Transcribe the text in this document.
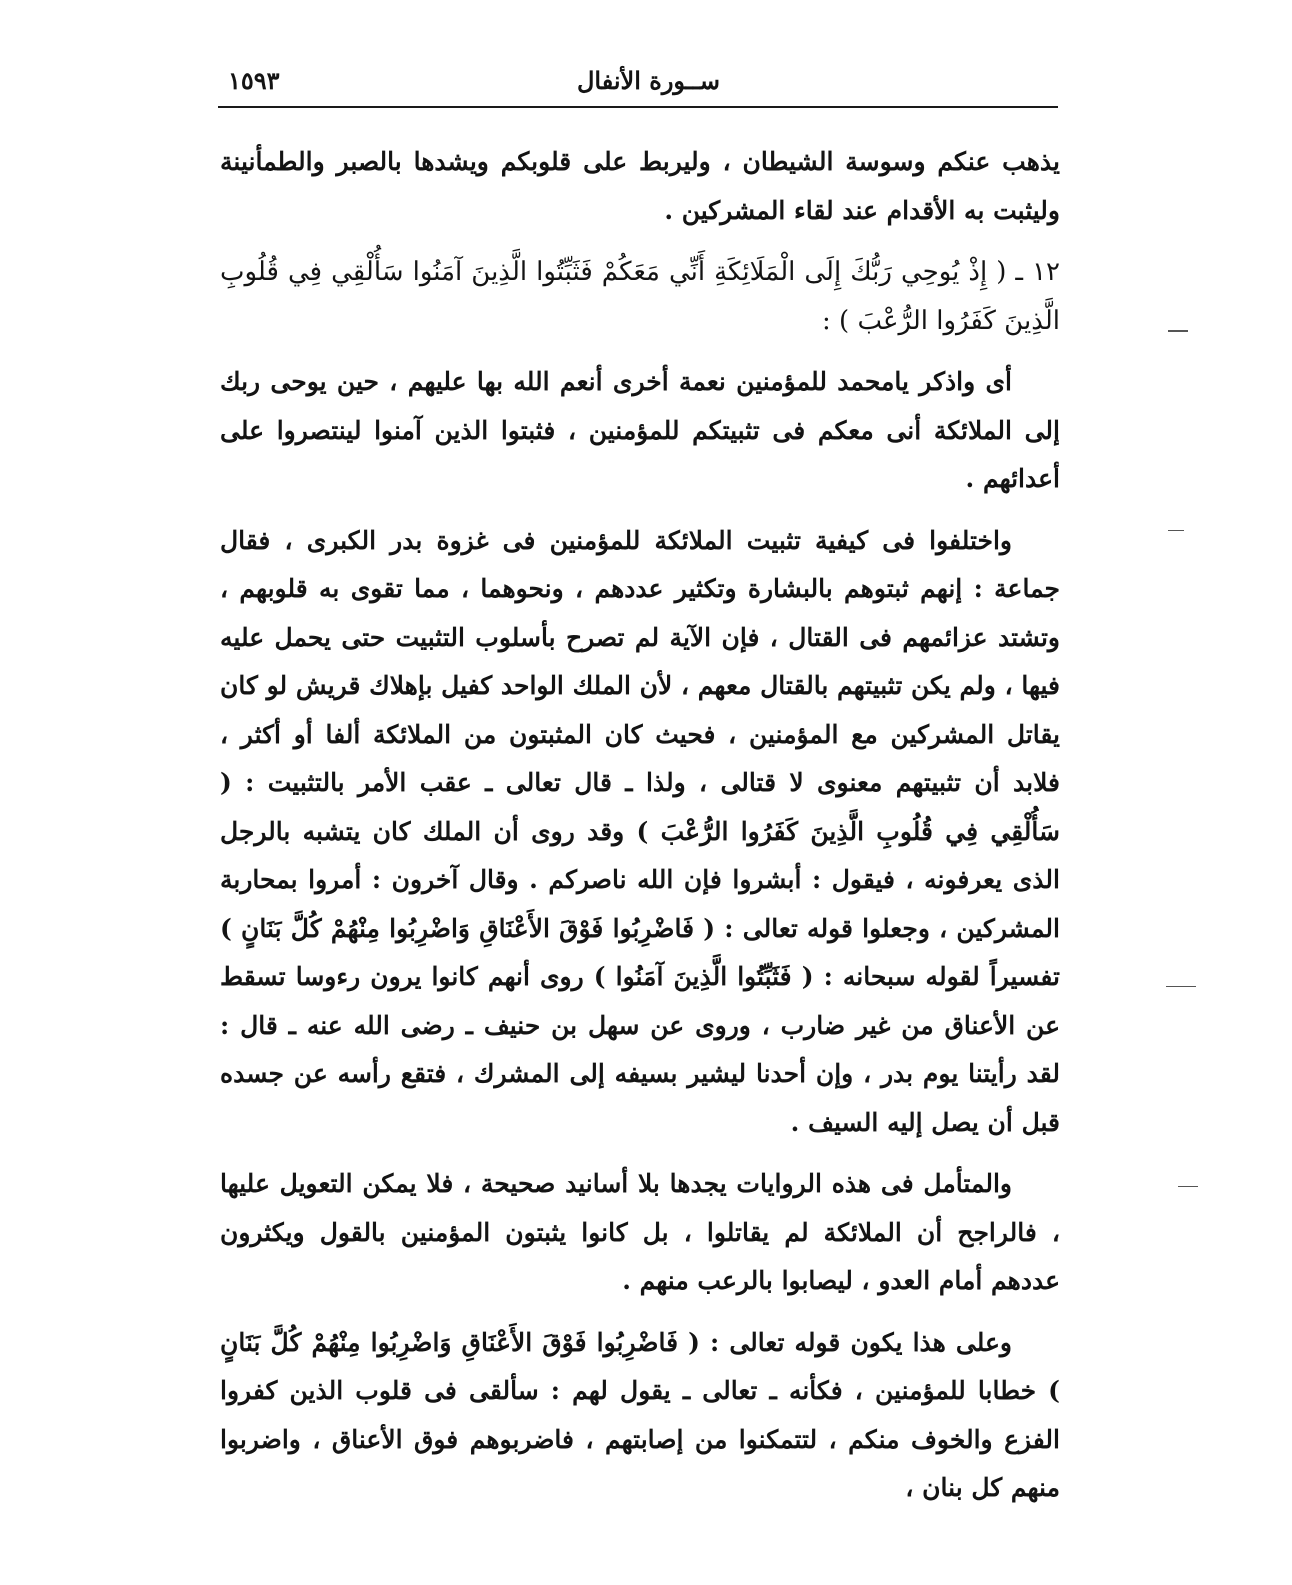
ســورة الأنفال
١٥٩٣

يذهب عنكم وسوسة الشيطان ، وليربط على قلوبكم ويشدها بالصبر والطمأنينة وليثبت به الأقدام عند لقاء المشركين .

١٢ ـ ( إِذْ يُوحِي رَبُّكَ إِلَى الْمَلَائِكَةِ أَنِّي مَعَكُمْ فَثَبِّتُوا الَّذِينَ آمَنُوا سَأُلْقِي فِي قُلُوبِ الَّذِينَ كَفَرُوا الرُّعْبَ ) :

أى واذكر يامحمد للمؤمنين نعمة أخرى أنعم الله بها عليهم ، حين يوحى ربك إلى الملائكة أنى معكم فى تثبيتكم للمؤمنين ، فثبتوا الذين آمنوا لينتصروا على أعدائهم .

واختلفوا فى كيفية تثبيت الملائكة للمؤمنين فى غزوة بدر الكبرى ، فقال جماعة : إنهم ثبتوهم بالبشارة وتكثير عددهم ، ونحوهما ، مما تقوى به قلوبهم ، وتشتد عزائمهم فى القتال ، فإن الآية لم تصرح بأسلوب التثبيت حتى يحمل عليه فيها ، ولم يكن تثبيتهم بالقتال معهم ، لأن الملك الواحد كفيل بإهلاك قريش لو كان يقاتل المشركين مع المؤمنين ، فحيث كان المثبتون من الملائكة ألفا أو أكثر ، فلابد أن تثبيتهم معنوى لا قتالى ، ولذا ـ قال تعالى ـ عقب الأمر بالتثبيت : ( سَأُلْقِي فِي قُلُوبِ الَّذِينَ كَفَرُوا الرُّعْبَ ) وقد روى أن الملك كان يتشبه بالرجل الذى يعرفونه ، فيقول : أبشروا فإن الله ناصركم . وقال آخرون : أمروا بمحاربة المشركين ، وجعلوا قوله تعالى : ( فَاضْرِبُوا فَوْقَ الأَعْنَاقِ وَاضْرِبُوا مِنْهُمْ كُلَّ بَنَانٍ ) تفسيراً لقوله سبحانه : ( فَثَبِّتُوا الَّذِينَ آمَنُوا ) روى أنهم كانوا يرون رءوسا تسقط عن الأعناق من غير ضارب ، وروى عن سهل بن حنيف ـ رضى الله عنه ـ قال : لقد رأيتنا يوم بدر ، وإن أحدنا ليشير بسيفه إلى المشرك ، فتقع رأسه عن جسده قبل أن يصل إليه السيف .

والمتأمل فى هذه الروايات يجدها بلا أسانيد صحيحة ، فلا يمكن التعويل عليها ، فالراجح أن الملائكة لم يقاتلوا ، بل كانوا يثبتون المؤمنين بالقول ويكثرون عددهم أمام العدو ، ليصابوا بالرعب منهم .

وعلى هذا يكون قوله تعالى : ( فَاضْرِبُوا فَوْقَ الأَعْنَاقِ وَاضْرِبُوا مِنْهُمْ كُلَّ بَنَانٍ ) خطابا للمؤمنين ، فكأنه ـ تعالى ـ يقول لهم : سألقى فى قلوب الذين كفروا الفزع والخوف منكم ، لتتمكنوا من إصابتهم ، فاضربوهم فوق الأعناق ، واضربوا منهم كل بنان ،
